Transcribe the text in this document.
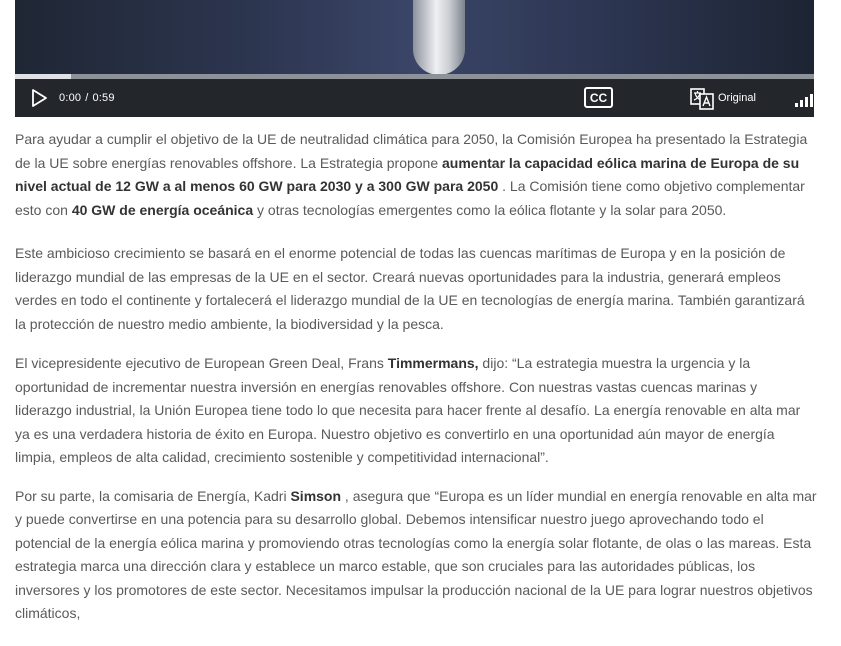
0:00 / 0:59	CC	Original

Para ayudar a cumplir el objetivo de la UE de neutralidad climática para 2050, la Comisión Europea ha presentado la Estrategia de la UE sobre energías renovables offshore. La Estrategia propone aumentar la capacidad eólica marina de Europa de su nivel actual de 12 GW a al menos 60 GW para 2030 y a 300 GW para 2050 . La Comisión tiene como objetivo complementar esto con 40 GW de energía oceánica y otras tecnologías emergentes como la eólica flotante y la solar para 2050.

Este ambicioso crecimiento se basará en el enorme potencial de todas las cuencas marítimas de Europa y en la posición de liderazgo mundial de las empresas de la UE en el sector. Creará nuevas oportunidades para la industria, generará empleos verdes en todo el continente y fortalecerá el liderazgo mundial de la UE en tecnologías de energía marina. También garantizará la protección de nuestro medio ambiente, la biodiversidad y la pesca.

El vicepresidente ejecutivo de European Green Deal, Frans Timmermans, dijo: “La estrategia muestra la urgencia y la oportunidad de incrementar nuestra inversión en energías renovables offshore. Con nuestras vastas cuencas marinas y liderazgo industrial, la Unión Europea tiene todo lo que necesita para hacer frente al desafío. La energía renovable en alta mar ya es una verdadera historia de éxito en Europa. Nuestro objetivo es convertirlo en una oportunidad aún mayor de energía limpia, empleos de alta calidad, crecimiento sostenible y competitividad internacional”.

Por su parte, la comisaria de Energía, Kadri Simson , asegura que “Europa es un líder mundial en energía renovable en alta mar y puede convertirse en una potencia para su desarrollo global. Debemos intensificar nuestro juego aprovechando todo el potencial de la energía eólica marina y promoviendo otras tecnologías como la energía solar flotante, de olas o las mareas. Esta estrategia marca una dirección clara y establece un marco estable, que son cruciales para las autoridades públicas, los inversores y los promotores de este sector. Necesitamos impulsar la producción nacional de la UE para lograr nuestros objetivos climáticos,
